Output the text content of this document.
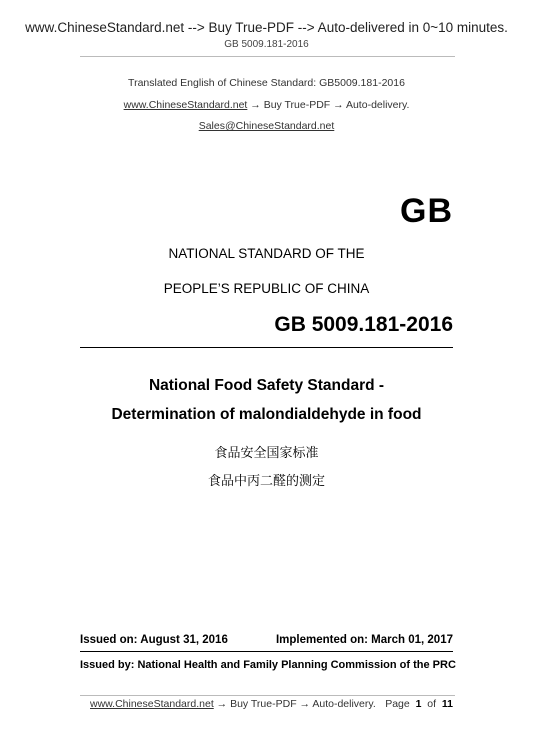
www.ChineseStandard.net --> Buy True-PDF --> Auto-delivered in 0~10 minutes.
GB 5009.181-2016
Translated English of Chinese Standard: GB5009.181-2016
www.ChineseStandard.net → Buy True-PDF → Auto-delivery.
Sales@ChineseStandard.net
GB
NATIONAL STANDARD OF THE
PEOPLE’S REPUBLIC OF CHINA
GB 5009.181-2016
National Food Safety Standard -
Determination of malondialdehyde in food
食品安全国家标准
食品中丙二醛的测定
Issued on: August 31, 2016	Implemented on: March 01, 2017
Issued by: National Health and Family Planning Commission of the PRC
www.ChineseStandard.net → Buy True-PDF → Auto-delivery. Page 1 of 11
